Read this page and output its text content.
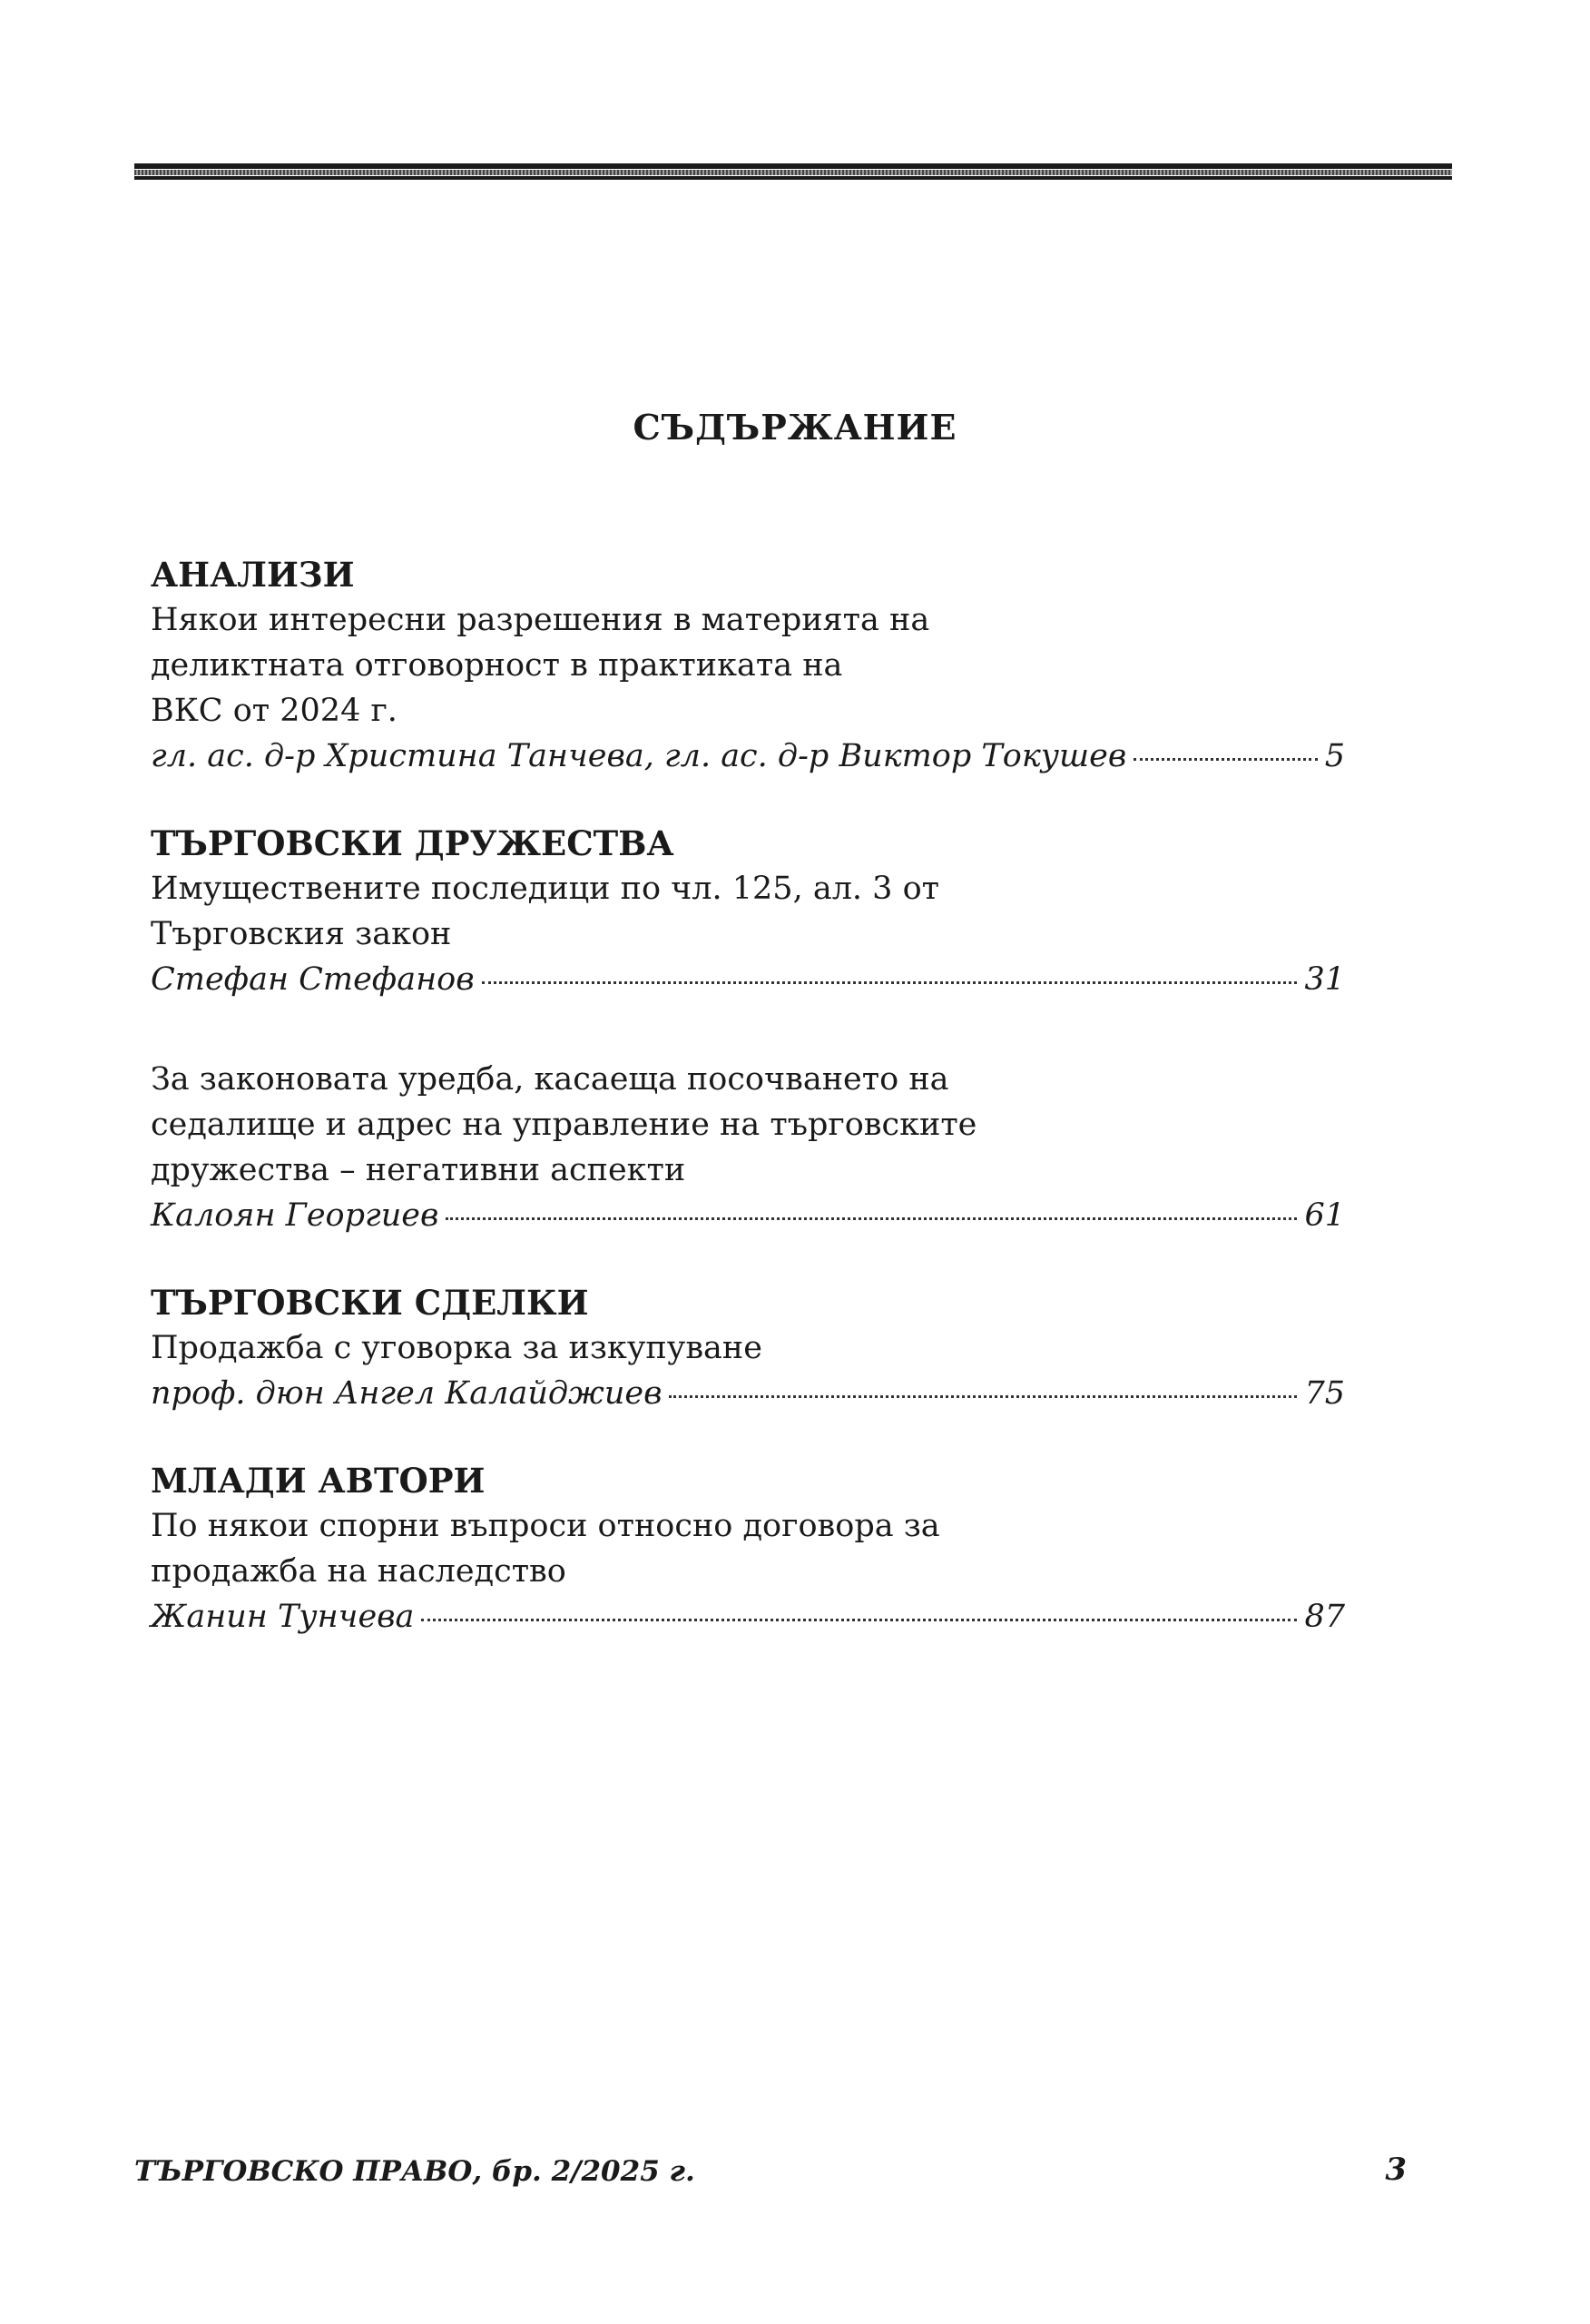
СЪДЪРЖАНИЕ
АНАЛИЗИ
Някои интересни разрешения в материята на
деликтната отговорност в практиката на
ВКС от 2024 г.
гл. ас. д-р Христина Танчева, гл. ас. д-р Виктор Токушев	5
ТЪРГОВСКИ ДРУЖЕСТВА
Имуществените последици по чл. 125, ал. 3 от
Търговския закон
Стефан Стефанов	31
За законовата уредба, касаеща посочването на
седалище и адрес на управление на търговските
дружества – негативни аспекти
Калоян Георгиев	61
ТЪРГОВСКИ СДЕЛКИ
Продажба с уговорка за изкупуване
проф. дюн Ангел Калайджиев	75
МЛАДИ АВТОРИ
По някои спорни въпроси относно договора за
продажба на наследство
Жанин Тунчева	87
ТЪРГОВСКО ПРАВО, бр. 2/2025 г.	3
